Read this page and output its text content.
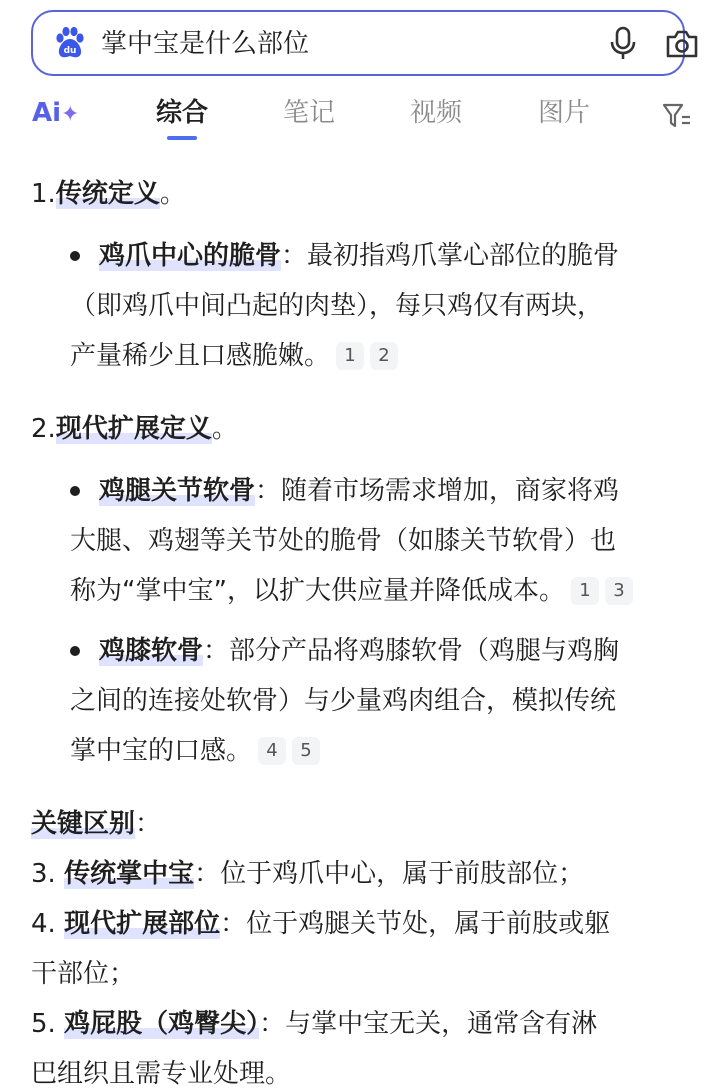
du 掌中宝是什么部位
Ai✦	综合	笔记	视频	图片
1.传统定义。
鸡爪中心的脆骨：最初指鸡爪掌心部位的脆骨
（即鸡爪中间凸起的肉垫），每只鸡仅有两块，
产量稀少且口感脆嫩。 1 2
2.现代扩展定义。
鸡腿关节软骨：随着市场需求增加，商家将鸡
大腿、鸡翅等关节处的脆骨（如膝关节软骨）也
称为“掌中宝”，以扩大供应量并降低成本。 1 3
鸡膝软骨：部分产品将鸡膝软骨（鸡腿与鸡胸
之间的连接处软骨）与少量鸡肉组合，模拟传统
掌中宝的口感。 4 5
关键区别：
3. 传统掌中宝：位于鸡爪中心，属于前肢部位；
4. 现代扩展部位：位于鸡腿关节处，属于前肢或躯
干部位；
5. 鸡屁股（鸡臀尖）：与掌中宝无关，通常含有淋
巴组织且需专业处理。
